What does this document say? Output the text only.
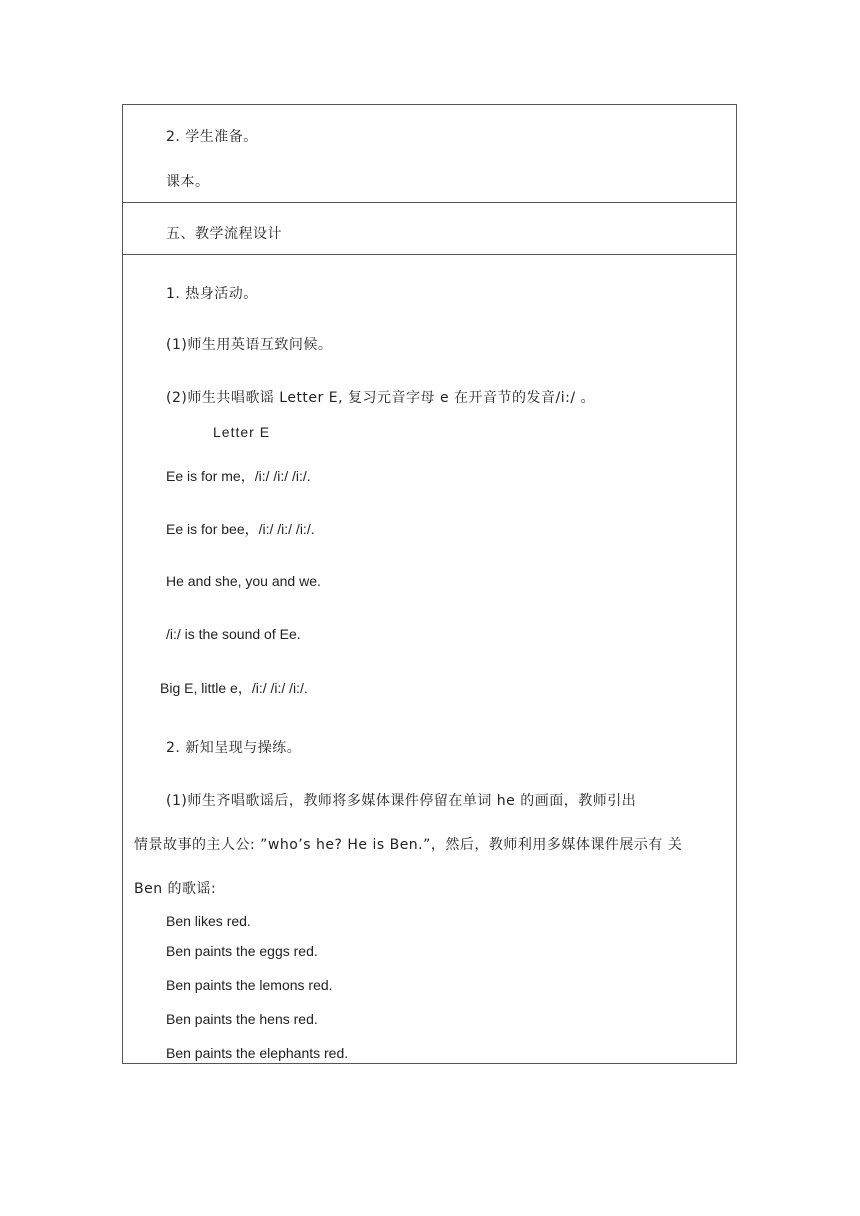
2. 学生准备。
课本。
五、教学流程设计
1. 热身活动。
(1)师生用英语互致问候。
(2)师生共唱歌谣 Letter E, 复习元音字母 e 在开音节的发音/i:/ 。
Letter E
Ee is for me，/i:/ /i:/ /i:/.
Ee is for bee，/i:/ /i:/ /i:/.
He and she, you and we.
/i:/ is the sound of Ee.
Big E, little e，/i:/ /i:/ /i:/.
2. 新知呈现与操练。
(1)师生齐唱歌谣后，教师将多媒体课件停留在单词 he 的画面，教师引出
情景故事的主人公: ”who’s he? He is Ben.”，然后，教师利用多媒体课件展示有 关
Ben 的歌谣:
Ben likes red.
Ben paints the eggs red.
Ben paints the lemons red.
Ben paints the hens red.
Ben paints the elephants red.
